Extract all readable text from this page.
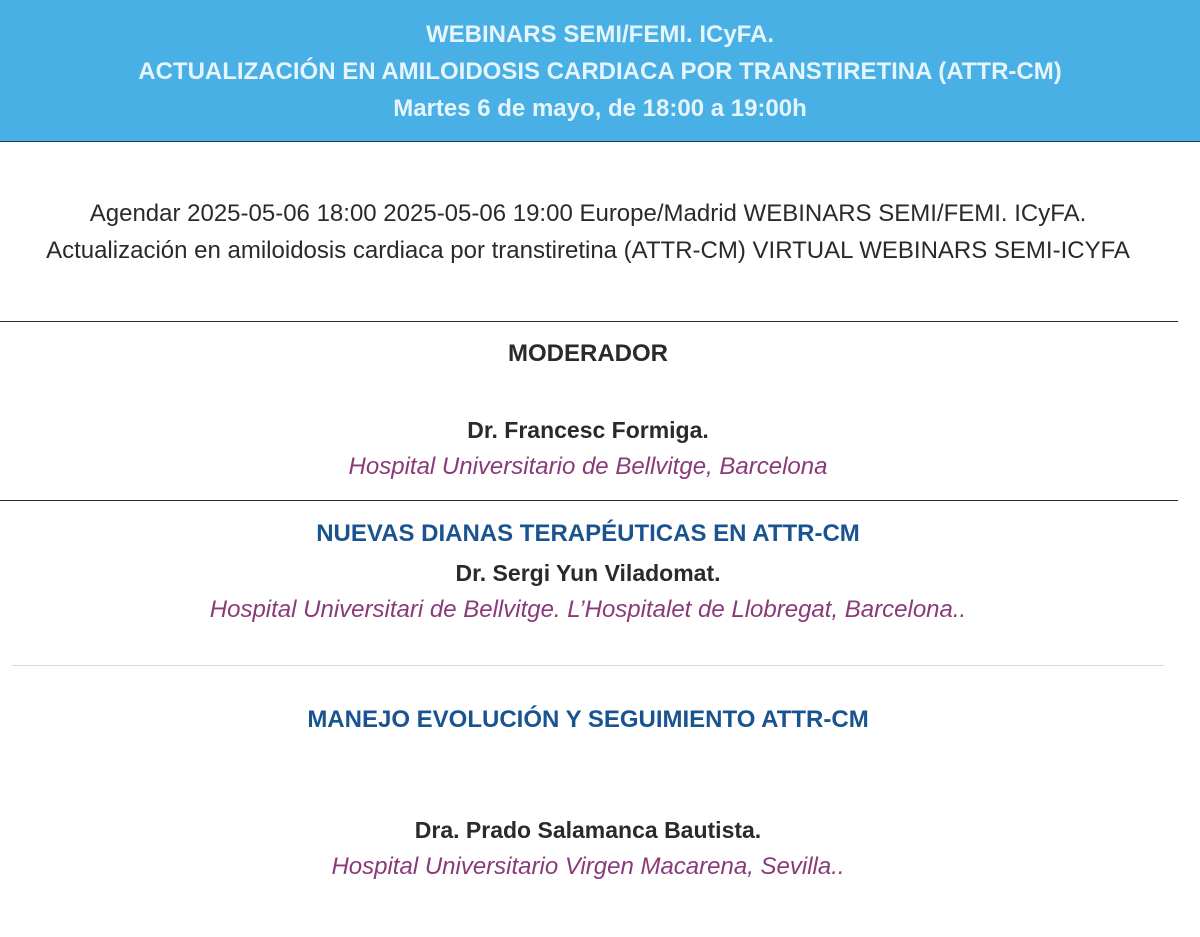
WEBINARS SEMI/FEMI. ICyFA.
ACTUALIZACIÓN EN AMILOIDOSIS CARDIACA POR TRANSTIRETINA (ATTR-CM)
Martes 6 de mayo, de 18:00 a 19:00h
Agendar 2025-05-06 18:00 2025-05-06 19:00 Europe/Madrid WEBINARS SEMI/FEMI. ICyFA. Actualización en amiloidosis cardiaca por transtiretina (ATTR-CM) VIRTUAL WEBINARS SEMI-ICYFA
MODERADOR
Dr. Francesc Formiga.
Hospital Universitario de Bellvitge, Barcelona
NUEVAS DIANAS TERAPÉUTICAS EN ATTR-CM
Dr. Sergi Yun Viladomat.
Hospital Universitari de Bellvitge. L’Hospitalet de Llobregat, Barcelona..
MANEJO EVOLUCIÓN Y SEGUIMIENTO ATTR-CM
Dra. Prado Salamanca Bautista.
Hospital Universitario Virgen Macarena, Sevilla..
